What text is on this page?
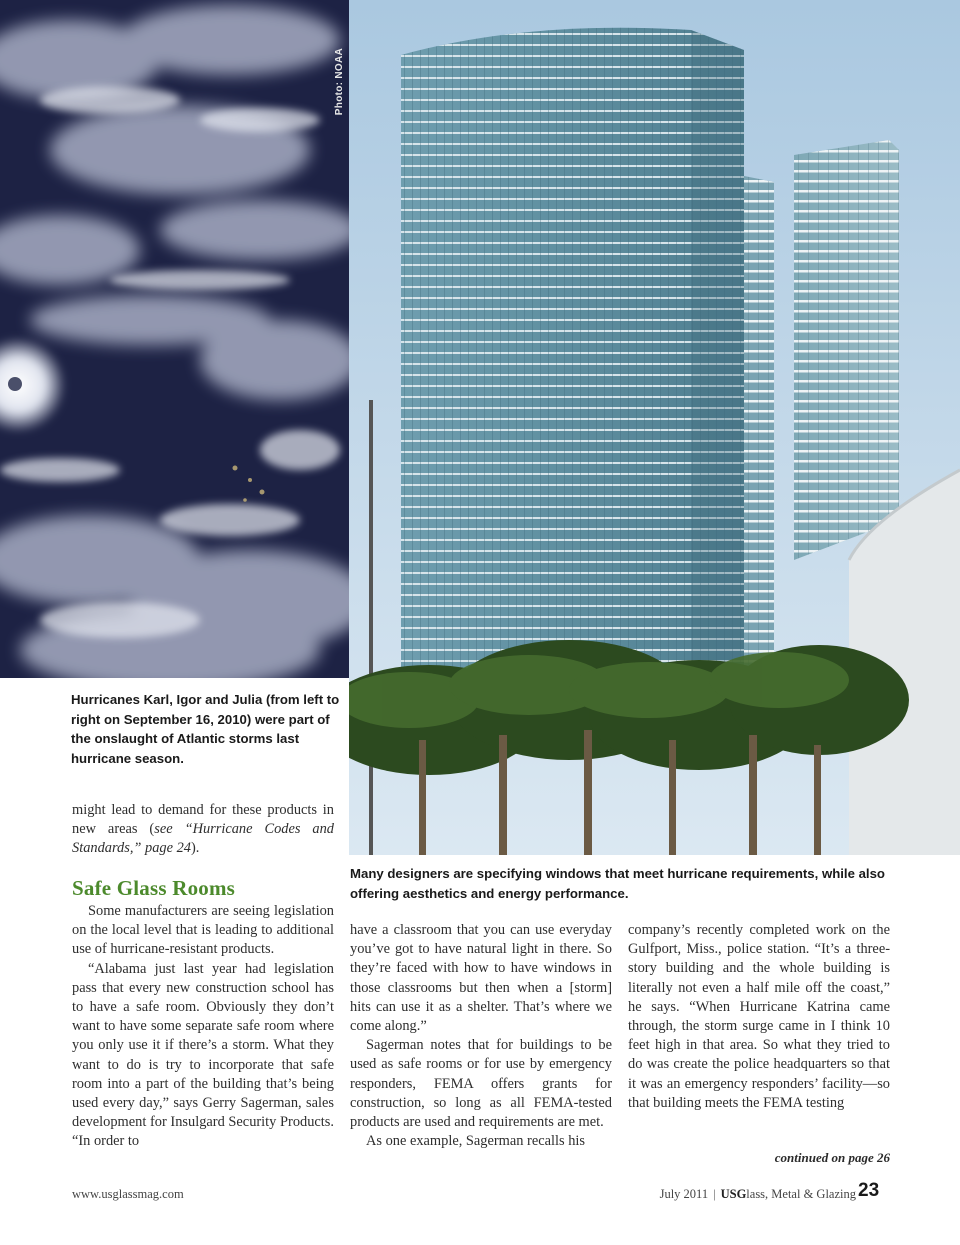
Photo: NOAA
Hurricanes Karl, Igor and Julia (from left to right on September 16, 2010) were part of the onslaught of Atlantic storms last hurricane season.
Many designers are specifying windows that meet hurricane requirements, while also offering aesthetics and energy performance.

might lead to demand for these products in new areas (see “Hurricane Codes and Standards,” page 24).

Safe Glass Rooms

Some manufacturers are seeing legislation on the local level that is leading to additional use of hurricane-resistant products.

“Alabama just last year had legislation pass that every new construction school has to have a safe room. Obviously they don’t want to have some separate safe room where you only use it if there’s a storm. What they want to do is try to incorporate that safe room into a part of the building that’s being used every day,” says Gerry Sagerman, sales development for Insulgard Security Products. “In order to

have a classroom that you can use everyday you’ve got to have natural light in there. So they’re faced with how to have windows in those classrooms but then when a [storm] hits can use it as a shelter. That’s where we come along.”

Sagerman notes that for buildings to be used as safe rooms or for use by emergency responders, FEMA offers grants for construction, so long as all FEMA-tested products are used and requirements are met.

As one example, Sagerman recalls his

company’s recently completed work on the Gulfport, Miss., police station. “It’s a three-story building and the whole building is literally not even a half mile off the coast,” he says. “When Hurricane Katrina came through, the storm surge came in I think 10 feet high in that area. So what they tried to do was create the police headquarters so that it was an emergency responders’ facility—so that building meets the FEMA testing

continued on page 26
www.usglassmag.com	July 2011 | USGlass, Metal & Glazing 23
